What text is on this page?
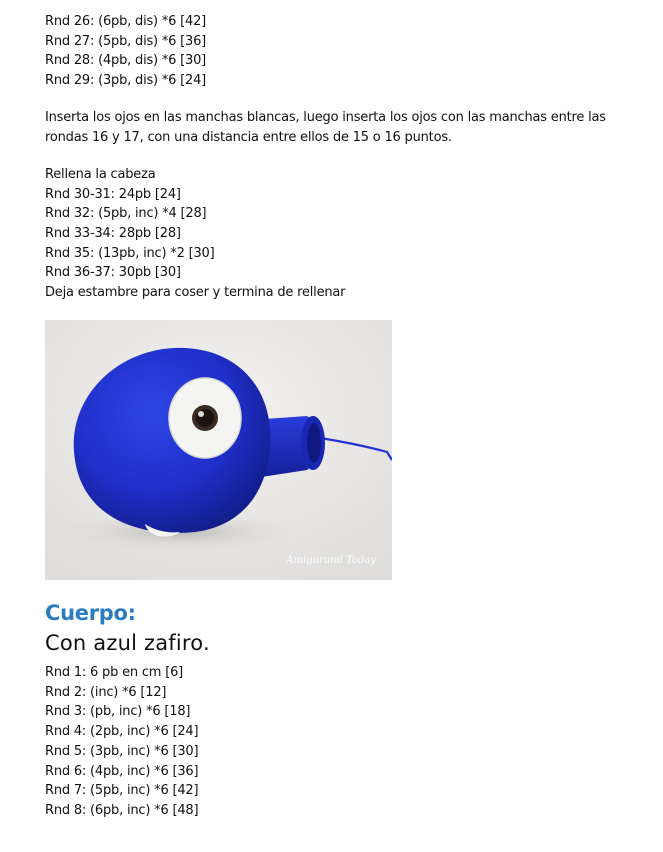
Rnd 26: (6pb, dis) *6 [42]
Rnd 27: (5pb, dis) *6 [36]
Rnd 28: (4pb, dis) *6 [30]
Rnd 29: (3pb, dis) *6 [24]

Inserta los ojos en las manchas blancas, luego inserta los ojos con las manchas entre las rondas 16 y 17, con una distancia entre ellos de 15 o 16 puntos.

Rellena la cabeza
Rnd 30-31: 24pb [24]
Rnd 32: (5pb, inc) *4 [28]
Rnd 33-34: 28pb [28]
Rnd 35: (13pb, inc) *2 [30]
Rnd 36-37: 30pb [30]
Deja estambre para coser y termina de rellenar
Amigurumi Today
Cuerpo:
Con azul zafiro.
Rnd 1: 6 pb en cm [6]
Rnd 2: (inc) *6 [12]
Rnd 3: (pb, inc) *6 [18]
Rnd 4: (2pb, inc) *6 [24]
Rnd 5: (3pb, inc) *6 [30]
Rnd 6: (4pb, inc) *6 [36]
Rnd 7: (5pb, inc) *6 [42]
Rnd 8: (6pb, inc) *6 [48]
